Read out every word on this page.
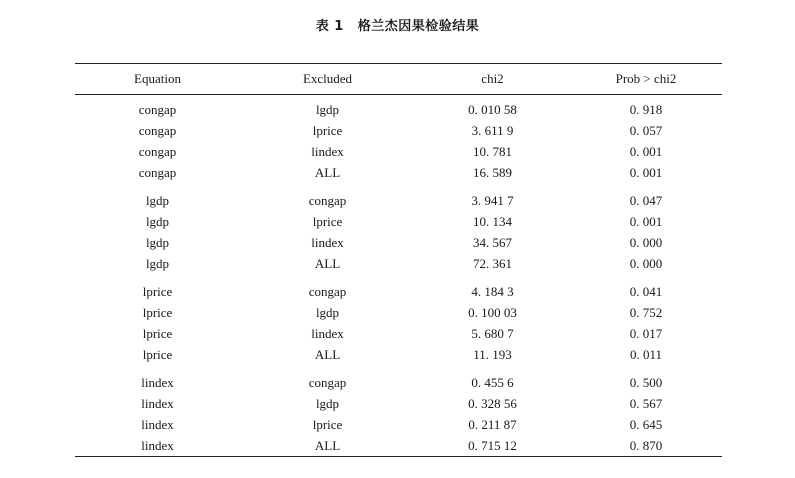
表 1 格兰杰因果检验结果
Equation	Excluded	chi2	Prob > chi2
congap	lgdp	0. 010 58	0. 918
congap	lprice	3. 611 9	0. 057
congap	lindex	10. 781	0. 001
congap	ALL	16. 589	0. 001
lgdp	congap	3. 941 7	0. 047
lgdp	lprice	10. 134	0. 001
lgdp	lindex	34. 567	0. 000
lgdp	ALL	72. 361	0. 000
lprice	congap	4. 184 3	0. 041
lprice	lgdp	0. 100 03	0. 752
lprice	lindex	5. 680 7	0. 017
lprice	ALL	11. 193	0. 011
lindex	congap	0. 455 6	0. 500
lindex	lgdp	0. 328 56	0. 567
lindex	lprice	0. 211 87	0. 645
lindex	ALL	0. 715 12	0. 870
